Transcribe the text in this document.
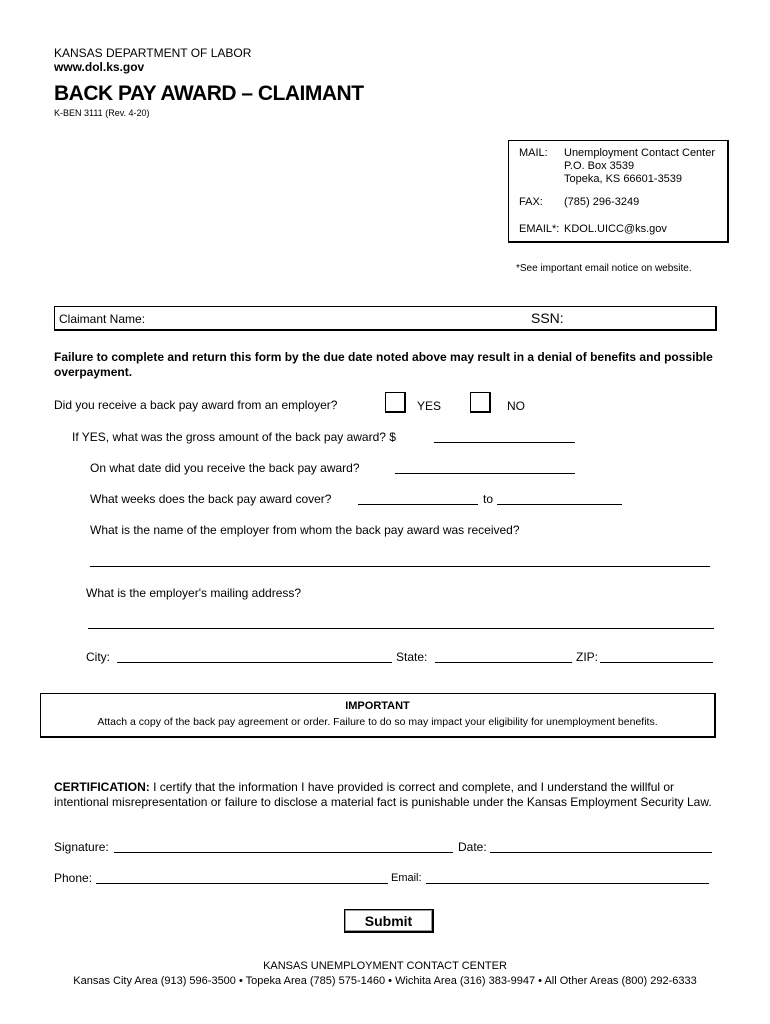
KANSAS DEPARTMENT OF LABOR
www.dol.ks.gov
BACK PAY AWARD – CLAIMANT
K-BEN 3111 (Rev. 4-20)
MAIL: Unemployment Contact Center
P.O. Box 3539
Topeka, KS 66601-3539
FAX: (785) 296-3249
EMAIL*: KDOL.UICC@ks.gov
*See important email notice on website.
Claimant Name:	SSN:
Failure to complete and return this form by the due date noted above may result in a denial of benefits and possible overpayment.
Did you receive a back pay award from an employer?	YES	NO
If YES, what was the gross amount of the back pay award? $
On what date did you receive the back pay award?
What weeks does the back pay award cover?	to
What is the name of the employer from whom the back pay award was received?
What is the employer's mailing address?
City:	State:	ZIP:
IMPORTANT
Attach a copy of the back pay agreement or order. Failure to do so may impact your eligibility for unemployment benefits.
CERTIFICATION: I certify that the information I have provided is correct and complete, and I understand the willful or intentional misrepresentation or failure to disclose a material fact is punishable under the Kansas Employment Security Law.
Signature:	Date:
Phone:	Email:
Submit
KANSAS UNEMPLOYMENT CONTACT CENTER
Kansas City Area (913) 596-3500 • Topeka Area (785) 575-1460 • Wichita Area (316) 383-9947 • All Other Areas (800) 292-6333
